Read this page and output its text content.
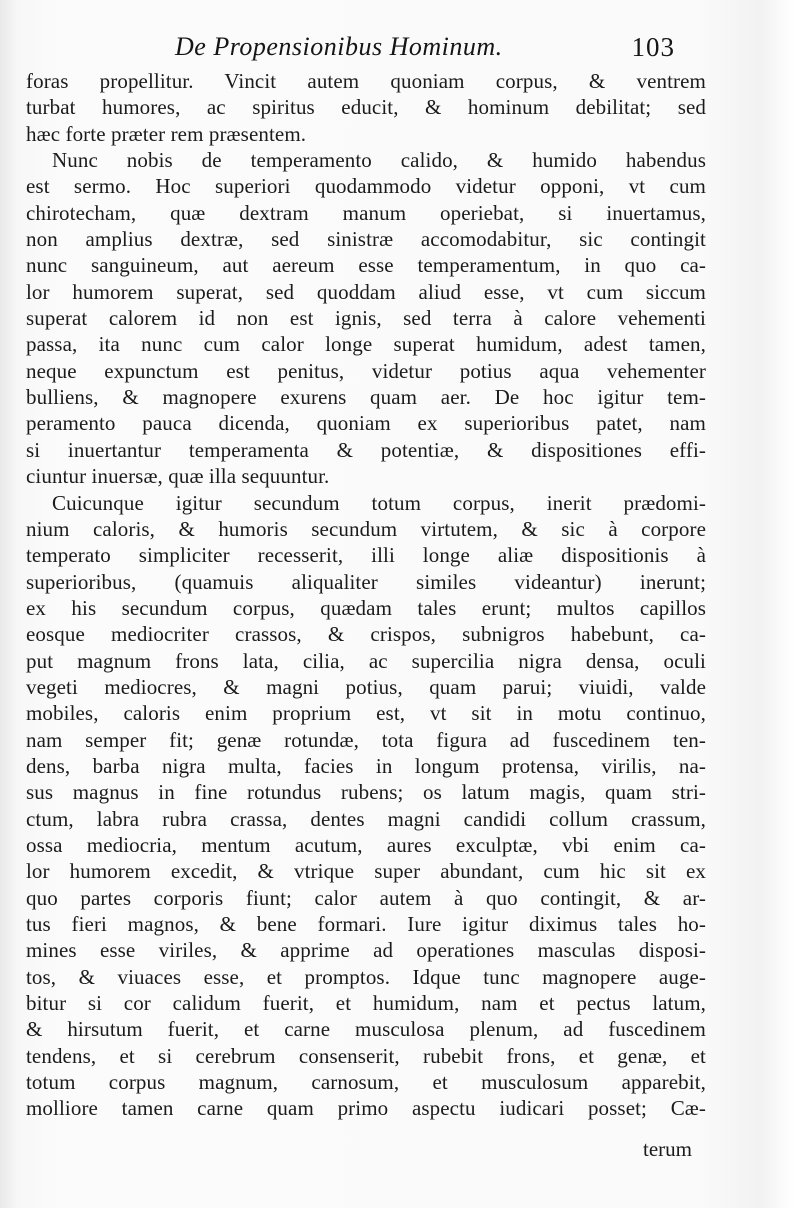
De Propensionibus Hominum.	103
foras propellitur. Vincit autem quoniam corpus, & ventrem
turbat humores, ac spiritus educit, & hominum debilitat; sed
hæc forte præter rem præsentem.
Nunc nobis de temperamento calido, & humido habendus
est sermo. Hoc superiori quodammodo videtur opponi, vt cum
chirotecham, quæ dextram manum operiebat, si inuertamus,
non amplius dextræ, sed sinistræ accomodabitur, sic contingit
nunc sanguineum, aut aereum esse temperamentum, in quo ca-
lor humorem superat, sed quoddam aliud esse, vt cum siccum
superat calorem id non est ignis, sed terra à calore vehementi
passa, ita nunc cum calor longe superat humidum, adest tamen,
neque expunctum est penitus, videtur potius aqua vehementer
bulliens, & magnopere exurens quam aer. De hoc igitur tem-
peramento pauca dicenda, quoniam ex superioribus patet, nam
si inuertantur temperamenta & potentiæ, & dispositiones effi-
ciuntur inuersæ, quæ illa sequuntur.
Cuicunque igitur secundum totum corpus, inerit prædomi-
nium caloris, & humoris secundum virtutem, & sic à corpore
temperato simpliciter recesserit, illi longe aliæ dispositionis à
superioribus, (quamuis aliqualiter similes videantur) inerunt;
ex his secundum corpus, quædam tales erunt; multos capillos
eosque mediocriter crassos, & crispos, subnigros habebunt, ca-
put magnum frons lata, cilia, ac supercilia nigra densa, oculi
vegeti mediocres, & magni potius, quam parui; viuidi, valde
mobiles, caloris enim proprium est, vt sit in motu continuo,
nam semper fit; genæ rotundæ, tota figura ad fuscedinem ten-
dens, barba nigra multa, facies in longum protensa, virilis, na-
sus magnus in fine rotundus rubens; os latum magis, quam stri-
ctum, labra rubra crassa, dentes magni candidi collum crassum,
ossa mediocria, mentum acutum, aures exculptæ, vbi enim ca-
lor humorem excedit, & vtrique super abundant, cum hic sit ex
quo partes corporis fiunt; calor autem à quo contingit, & ar-
tus fieri magnos, & bene formari. Iure igitur diximus tales ho-
mines esse viriles, & apprime ad operationes masculas disposi-
tos, & viuaces esse, et promptos. Idque tunc magnopere auge-
bitur si cor calidum fuerit, et humidum, nam et pectus latum,
& hirsutum fuerit, et carne musculosa plenum, ad fuscedinem
tendens, et si cerebrum consenserit, rubebit frons, et genæ, et
totum corpus magnum, carnosum, et musculosum apparebit,
molliore tamen carne quam primo aspectu iudicari posset; Cæ-
terum
